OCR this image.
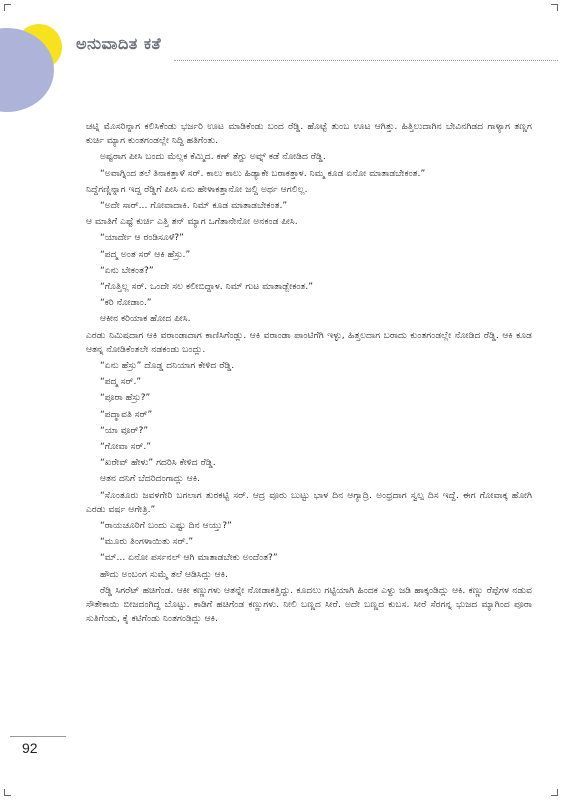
ಅನುವಾದಿತ ಕತೆ

ಚಟ್ನಿ ಮೊಸರಿನ್ನಾಗ ಕಲಿಸಿಕೆಂಡು ಭರ್ಜರಿ ಊಟ ಮಾಡಿಕೆಂಡು ಬಂದ ರೆಡ್ಡಿ. ಹೊಟ್ಟೆ ತುಂಬ ಊಟ ಆಗಿತ್ತು. ಹಿತ್ತಿಲುದಾಗಿನ ಬೇವಿನಗಿಡದ ಗಾಳ್ಯಾಗ ತಣ್ಣಗ ಕುರ್ಚಿ ಮ್ಯಾಗ ಕುಂತಗಂಡಲ್ಲೇ ನಿದ್ದಿ ಹತಿಗೆಂತು.

ಅಷ್ಟರಾಗ ಪೀಸಿ ಬಂದು ಮೆಲ್ಲಕ ಕೆಮ್ಮಿದ. ಕಣ್ ತೆಗ್ದು ಅವ್ನ್ ಕಡೆ ನೋಡಿದ ರೆಡ್ಡಿ.

“ಅವಾಗ್ನಿಂದ ತಲೆ ತಿನಾಕತ್ತಾಳೆ ಸರ್. ಕಾಲು ಕಾಲು ಹಿಡ್ಯಾಕೇ ಬರಾಕತ್ತಾಳ. ನಿಮ್ಮ ಕೂಡ ಏನೋ ಮಾತಾಡಬೇಕಂತ.”

ನಿದ್ದೆಗಣ್ಣಿನ್ನಾಗ ಇದ್ದ ರೆಡ್ಡಿಗೆ ಪೀಸಿ ಏನು ಹೇಳಾಕತ್ತಾನೋ ಜಲ್ದಿ ಅರ್ಥ ಆಗಲಿಲ್ಲ.

“ಅದೇ ಸಾರ್... ಗೋವಾದಾಕಿ. ನಿಮ್ ಕೂಡ ಮಾತಾಡಬೇಕಂತ.”

ಆ ಮಾತಿಗೆ ಎಷ್ಟೆ ಕುರ್ಚಿ ಎತ್ತಿ ತನ್ ಮ್ಯಾಗ ಒಗೆತಾನೇನೋ ಅನಕಂಡ ಪೀಸಿ.

“ಯಾರ್ದೇ ಆ ರಂಡಿಸೂಳೆ?”

“ಪದ್ಮ ಅಂತ ಸರ್ ಆಕಿ ಹೆಸ್ರು.”

“ಏನು ಬೇಕಂತ?”

“ಗೊತ್ತಿಲ್ಲ ಸರ್. ಒಂದೇ ಸಲ ಕಲೀಬಿದ್ದಾಳ. ನಿಮ್ ಗುಟ ಮಾತಾಡ್ಬೇಕಂತ.”

“ಕರಿ ನೋಡಾಂ.”

ಆಕೀನ ಕರಿಯಾಕ ಹೋದ ಪೀಸಿ.

ಎರಡು ನಿಮಿಷದಾಗ ಆಕಿ ವರಾಂಡಾದಾಗ ಕಾಣಿಸಿಗೆಂಡ್ಲು. ಆಕಿ ವರಾಂಡಾ ಪಾಂಟಿಗೆಗಿ ಇಳ್ಳು, ಹಿತ್ತಲದಾಗ ಬರಾದು ಕುಂತಗಂಡಲ್ಲೇ ನೋಡಿದ ರೆಡ್ಡಿ. ಆಕಿ ಕೂಡ ಆತನ್ನ ನೋಡಿಕೆಂತಲೇ ನಡಕಂಡು ಬಂದ್ಲು.

“ಏನು ಹೆಸ್ರು” ದೊಡ್ಡ ದನಿಯಾಗ ಕೇಳಿದ ರೆಡ್ಡಿ.

“ಪದ್ಮ ಸರ್.”

“ಪೂರಾ ಹೆಸ್ರು?”

“ಪದ್ಮಾವತಿ ಸರ್”

“ಯಾ ವೂರ್?”

“ಗೋವಾ ಸರ್.”

“ಖರೇವ್ ಹೇಳು” ಗದರಿಸಿ ಕೇಳಿದ ರೆಡ್ಡಿ.

ಆತನ ದನಿಗೆ ಬೆದರಿದಂಗಾದ್ಲು ಆಕಿ.

“ಸೊಂತೂರು ಜವಳಗೇರಿ ಬಗಲಾಗ ತುರಕಟ್ಟಿ ಸರ್. ಆದ್ರ ವೂರು ಬುಟ್ಟು ಭಾಳ ದಿನ ಆಗ್ಯಾದ್ರಿ. ಅಂಧ್ರದಾಗ ಸ್ವಲ್ಪ ದಿಸ ಇದ್ದೆ. ಈಗ ಗೋವಾಕ್ಕ ಹೋಗಿ ಎರಡು ವರ್ಷ ಆಗೇತ್ರಿ.”

“ರಾಯಚೂರಿಗೆ ಬಂದು ಎಷ್ಟು ದಿನ ಆಯ್ತು?”

“ಮೂರು ತಿಂಗಳಾಯಿತು ಸರ್.”

“ಮ್... ಏನೋ ಪರ್ಸನಲ್ ಆಗಿ ಮಾತಾಡಬೇಕು ಅಂದೆಂತ?”

ಹೌದು ಅಂಬಂಗ ಸುಮ್ಮೆ ತಲೆ ಆಡಿಸಿದ್ಲು ಆಕಿ.

ರೆಡ್ಡಿ ಸಿಗರೆಟ್ ಹಚಿಗೆಂಡ. ಆಕೀ ಕಣ್ಣುಗಳು ಆತನ್ನೇ ನೋಡಾಕತ್ತಿದ್ದು. ಕೂದಲು ಗಟ್ಟಿಯಾಗಿ ಹಿಂದಕ ಎಳ್ದು ಜಡಿ ಹಾಕ್ಕಂಡಿದ್ಲು ಆಕಿ. ಕಣ್ಣು ರೆಪ್ಪೆಗಳ ನಡುವ ಸೌತೇಕಾಯಿ ಬೀಜದಂಗಿದ್ದ ಬೊಟ್ಟು. ಕಾಡಿಗೆ ಹಚಿಗೆಂಡ ಕಣ್ಣುಗಳು. ನೀಲಿ ಬಣ್ಣದ ಸೀರೆ. ಅದೇ ಬಣ್ಣದ ಕುಬಸ. ಸೀರೆ ಸೆರಗನ್ನ ಭುಜದ ಮ್ಯಾಗಿಂದ ಪೂರಾ ಸುತಿಗೆಂಡು, ಕೈ ಕಟಿಗೆಂಡು ನಿಂತಗಂಡಿದ್ಲು ಆಕಿ.

92
